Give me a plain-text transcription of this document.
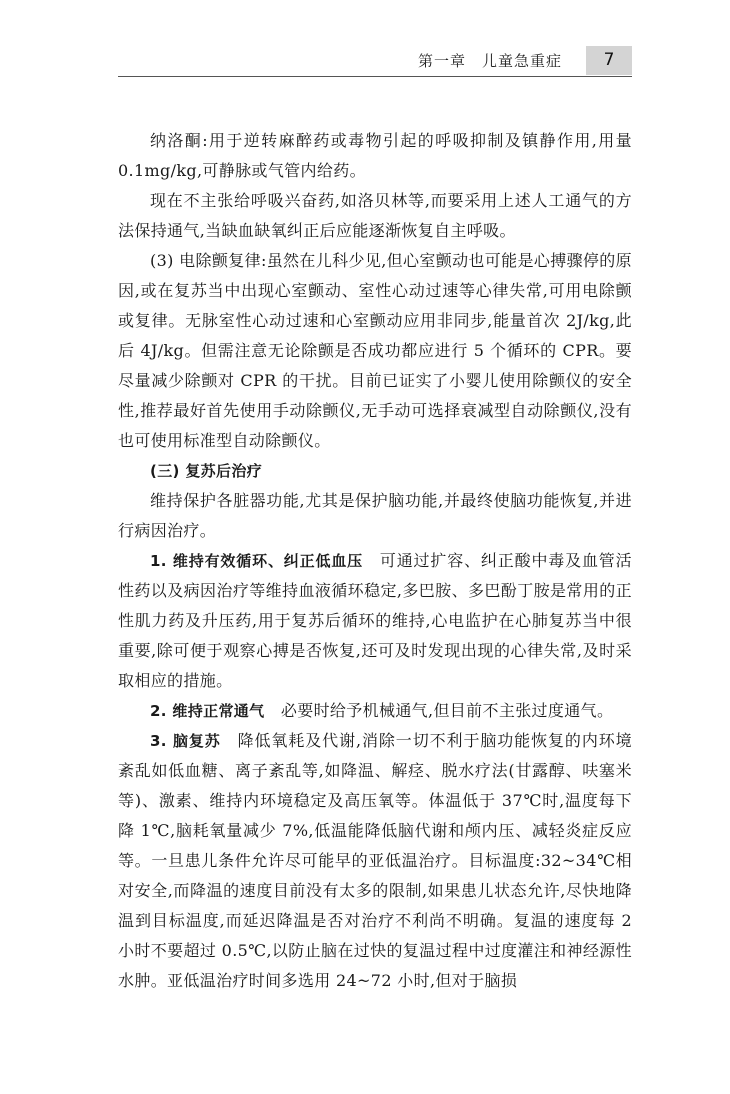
第一章　儿童急重症	7

纳洛酮:用于逆转麻醉药或毒物引起的呼吸抑制及镇静作用,用量 0.1mg/kg,可静脉或气管内给药。

现在不主张给呼吸兴奋药,如洛贝林等,而要采用上述人工通气的方法保持通气,当缺血缺氧纠正后应能逐渐恢复自主呼吸。

(3) 电除颤复律:虽然在儿科少见,但心室颤动也可能是心搏骤停的原因,或在复苏当中出现心室颤动、室性心动过速等心律失常,可用电除颤或复律。无脉室性心动过速和心室颤动应用非同步,能量首次 2J/kg,此后 4J/kg。但需注意无论除颤是否成功都应进行 5 个循环的 CPR。要尽量减少除颤对 CPR 的干扰。目前已证实了小婴儿使用除颤仪的安全性,推荐最好首先使用手动除颤仪,无手动可选择衰减型自动除颤仪,没有也可使用标准型自动除颤仪。

(三) 复苏后治疗

维持保护各脏器功能,尤其是保护脑功能,并最终使脑功能恢复,并进行病因治疗。

1. 维持有效循环、纠正低血压　可通过扩容、纠正酸中毒及血管活性药以及病因治疗等维持血液循环稳定,多巴胺、多巴酚丁胺是常用的正性肌力药及升压药,用于复苏后循环的维持,心电监护在心肺复苏当中很重要,除可便于观察心搏是否恢复,还可及时发现出现的心律失常,及时采取相应的措施。

2. 维持正常通气　必要时给予机械通气,但目前不主张过度通气。

3. 脑复苏　降低氧耗及代谢,消除一切不利于脑功能恢复的内环境紊乱如低血糖、离子紊乱等,如降温、解痉、脱水疗法(甘露醇、呋塞米等)、激素、维持内环境稳定及高压氧等。体温低于 37℃时,温度每下降 1℃,脑耗氧量减少 7%,低温能降低脑代谢和颅内压、减轻炎症反应等。一旦患儿条件允许尽可能早的亚低温治疗。目标温度:32~34℃相对安全,而降温的速度目前没有太多的限制,如果患儿状态允许,尽快地降温到目标温度,而延迟降温是否对治疗不利尚不明确。复温的速度每 2 小时不要超过 0.5℃,以防止脑在过快的复温过程中过度灌注和神经源性水肿。亚低温治疗时间多选用 24~72 小时,但对于脑损
